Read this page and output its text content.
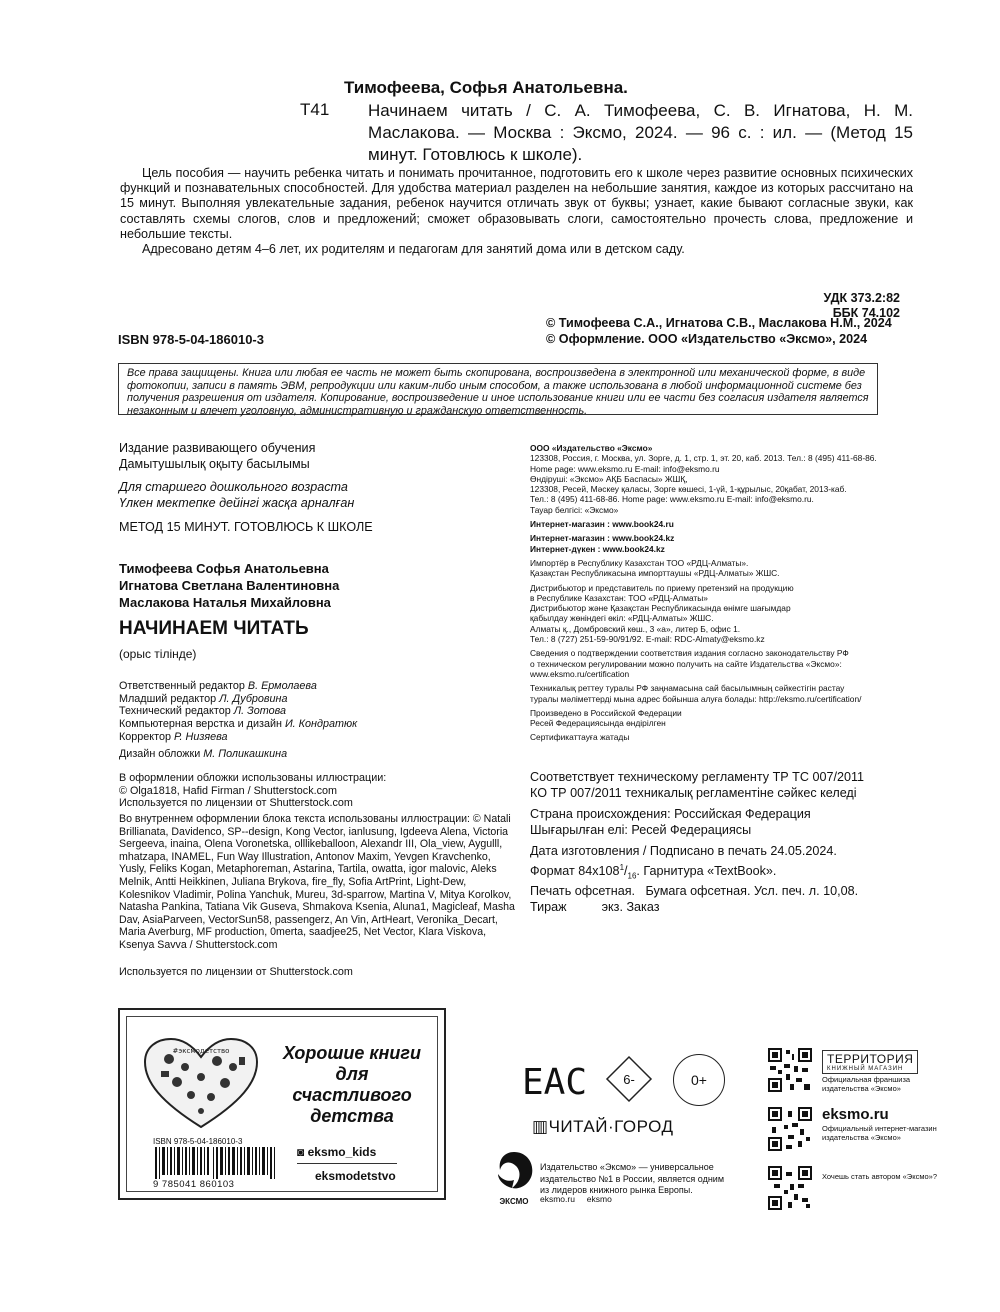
Тимофеева, Софья Анатольевна.
Т41 Начинаем читать / С. А. Тимофеева, С. В. Игнатова, Н. М. Маслакова. — Москва : Эксмо, 2024. — 96 с. : ил. — (Метод 15 минут. Готовлюсь к школе).

Цель пособия — научить ребенка читать и понимать прочитанное, подготовить его к школе через развитие основных психических функций и познавательных способностей. Для удобства материал разделен на небольшие занятия, каждое из которых рассчитано на 15 минут. Выполняя увлекательные задания, ребенок научится отличать звук от буквы; узнает, какие бывают согласные звуки, как составлять схемы слогов, слов и предложений; сможет образовывать слоги, самостоятельно прочесть слова, предложение и небольшие тексты.

Адресовано детям 4–6 лет, их родителям и педагогам для занятий дома или в детском саду.

УДК 373.2:82
ББК 74.102
ISBN 978-5-04-186010-3
© Тимофеева С.А., Игнатова С.В., Маслакова Н.М., 2024
© Оформление. ООО «Издательство «Эксмо», 2024
Все права защищены. Книга или любая ее часть не может быть скопирована, воспроизведена в электронной или механической форме, в виде фотокопии, записи в память ЭВМ, репродукции или каким-либо иным способом, а также использована в любой информационной системе без получения разрешения от издателя. Копирование, воспроизведение и иное использование книги или ее части без согласия издателя является незаконным и влечет уголовную, административную и гражданскую ответственность.
Издание развивающего обучения
Дамытушылық оқыту басылымы
Для старшего дошкольного возраста
Үлкен мектепке дейінгі жасқа арналған
МЕТОД 15 МИНУТ. ГОТОВЛЮСЬ К ШКОЛЕ
Тимофеева Софья Анатольевна
Игнатова Светлана Валентиновна
Маслакова Наталья Михайловна
НАЧИНАЕМ ЧИТАТЬ
(орыс тілінде)
Ответственный редактор В. Ермолаева
Младший редактор Л. Дубровина
Технический редактор Л. Зотова
Компьютерная верстка и дизайн И. Кондратюк
Корректор Р. Низяева
Дизайн обложки М. Поликашкина
В оформлении обложки использованы иллюстрации:
© Olga1818, Hafid Firman / Shutterstock.com
Используется по лицензии от Shutterstock.com
Во внутреннем оформлении блока текста использованы иллюстрации: © Natali Brillianata, Davidenco, SP--design, Kong Vector, ianlusung, Igdeeva Alena, Victoria Sergeeva, inaina, Olena Voronetska, olllikeballoon, Alexandr III, Ola_view, Aygulll, mhatzapa, INAMEL, Fun Way Illustration, Antonov Maxim, Yevgen Kravchenko, Yusly, Feliks Kogan, Metaphoreman, Astarina, Tartila, owatta, igor malovic, Aleks Melnik, Antti Heikkinen, Juliana Brykova, fire_fly, Sofia ArtPrint, Light-Dew, Kolesnikov Vladimir, Polina Yanchuk, Mureu, 3d-sparrow, Martina V, Mitya Korolkov, Natasha Pankina, Tatiana Vik Guseva, Shmakova Ksenia, Aluna1, Magicleaf, Masha Dav, AsiaParveen, VectorSun58, passengerz, An Vin, ArtHeart, Veronika_Decart, Maria Averburg, MF production, 0merta, saadjee25, Net Vector, Klara Viskova, Ksenya Savva / Shutterstock.com
Используется по лицензии от Shutterstock.com
ООО «Издательство «Эксмо»
123308, Россия, г. Москва, ул. Зорге, д. 1, стр. 1, эт. 20, каб. 2013. Тел.: 8 (495) 411-68-86.
Home page: www.eksmo.ru E-mail: info@eksmo.ru
Өндіруші: «Эксмо» АҚБ Баспасы» ЖШҚ,
123308, Ресей, Мәскеу қаласы, Зорге көшесі, 1-үй, 1-құрылыс, 20қабат, 2013-каб.
Тел.: 8 (495) 411-68-86. Home page: www.eksmo.ru E-mail: info@eksmo.ru.
Тауар белгісі: «Эксмо»
Интернет-магазин : www.book24.ru
Интернет-магазин : www.book24.kz
Интернет-дүкен : www.book24.kz
Импортёр в Республику Казахстан ТОО «РДЦ-Алматы».
Қазақстан Республикасына импорттаушы «РДЦ-Алматы» ЖШС.
Дистрибьютор и представитель по приему претензий на продукцию
в Республике Казахстан: ТОО «РДЦ-Алматы»
Дистрибьютор және Қазақстан Республикасында өнімге шағымдар
қабылдау жөніндегі өкіл: «РДЦ-Алматы» ЖШС.
Алматы қ., Домбровский көш., 3 «а», литер Б, офис 1.
Тел.: 8 (727) 251-59-90/91/92. E-mail: RDC-Almaty@eksmo.kz
Сведения о подтверждении соответствия издания согласно законодательству РФ
о техническом регулировании можно получить на сайте Издательства «Эксмо»:
www.eksmo.ru/certification
Техникалық реттеу туралы РФ заңнамасына сай басылымның сәйкестігін растау
туралы мәліметтерді мына адрес бойынша алуға болады: http://eksmo.ru/certification/
Произведено в Российской Федерации
Ресей Федерациясында өндірілген
Сертификаттауға жатады
Соответствует техническому регламенту ТР ТС 007/2011
КО ТР 007/2011 техникалық регламентіне сәйкес келеді
Страна происхождения: Российская Федерация
Шығарылған елі: Ресей Федерациясы
Дата изготовления / Подписано в печать 24.05.2024.
Формат $84x108^1/_{16}$. Гарнитура «TextBook».
Печать офсетная.   Бумага офсетная. Усл. печ. л. 10,08.
Тираж          экз. Заказ
#эксмодетство	Хорошие книги для счастливого детства
ISBN 978-5-04-186010-3
9 785041 860103
◙ eksmo_kids
eksmodetstvo
EAC	6-	0+
▥ЧИТАЙ·ГОРОД
ЭКСМО
Издательство «Эксмо» — универсальное издательство №1 в России, является одним из лидеров книжного рынка Европы.
eksmo.ru     eksmo
ТЕРРИТОРИЯ
КНИЖНЫЙ МАГАЗИН
Официальная франшиза издательства «Эксмо»
eksmo.ru
Официальный интернет-магазин издательства «Эксмо»
Хочешь стать автором «Эксмо»?
